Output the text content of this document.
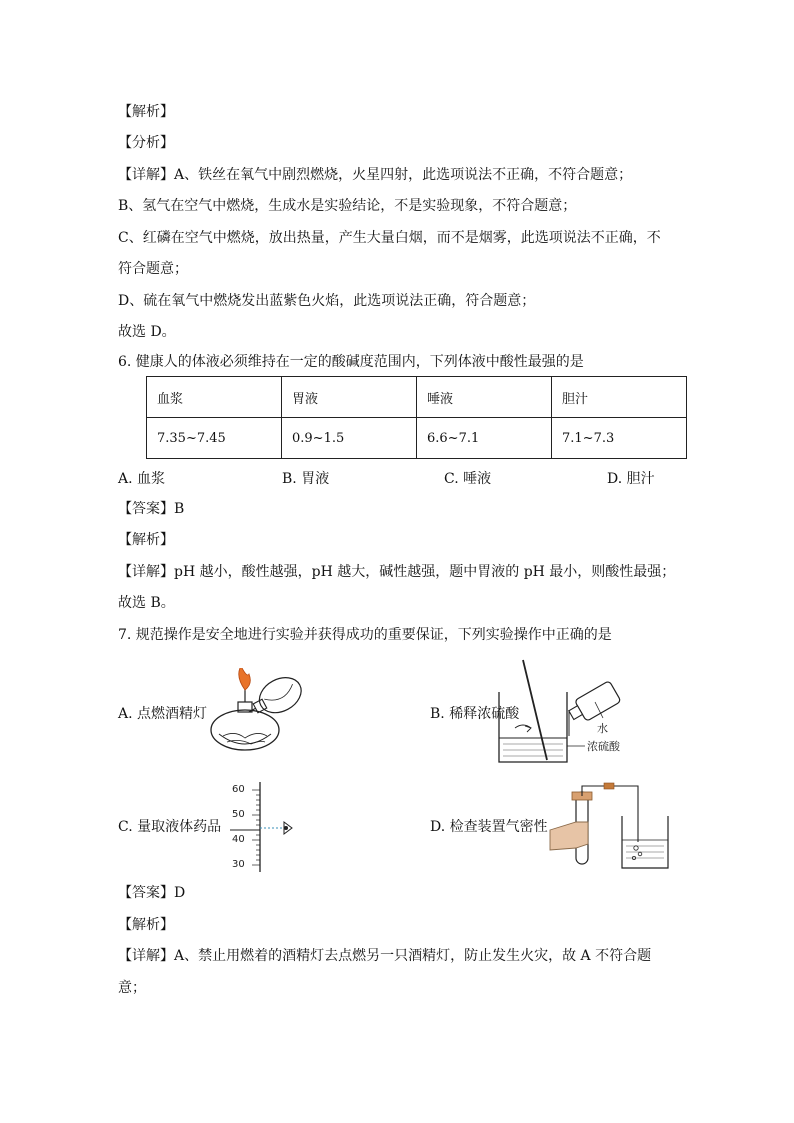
【解析】
【分析】
【详解】A、铁丝在氧气中剧烈燃烧，火星四射，此选项说法不正确，不符合题意；
B、氢气在空气中燃烧，生成水是实验结论，不是实验现象，不符合题意；
C、红磷在空气中燃烧，放出热量，产生大量白烟，而不是烟雾，此选项说法不正确，不
符合题意；
D、硫在氧气中燃烧发出蓝紫色火焰，此选项说法正确，符合题意；
故选 D。
6. 健康人的体液必须维持在一定的酸碱度范围内，下列体液中酸性最强的是
血浆	胃液	唾液	胆汁
7.35~7.45	0.9~1.5	6.6~7.1	7.1~7.3
A. 血浆	B. 胃液	C. 唾液	D. 胆汁
【答案】B
【解析】
【详解】pH 越小，酸性越强，pH 越大，碱性越强，题中胃液的 pH 最小，则酸性最强；
故选 B。
7. 规范操作是安全地进行实验并获得成功的重要保证，下列实验操作中正确的是
A. 点燃酒精灯	B. 稀释浓硫酸
C. 量取液体药品	D. 检查装置气密性
水
浓硫酸
60
50
40
30
【答案】D
【解析】
【详解】A、禁止用燃着的酒精灯去点燃另一只酒精灯，防止发生火灾，故 A 不符合题
意；
